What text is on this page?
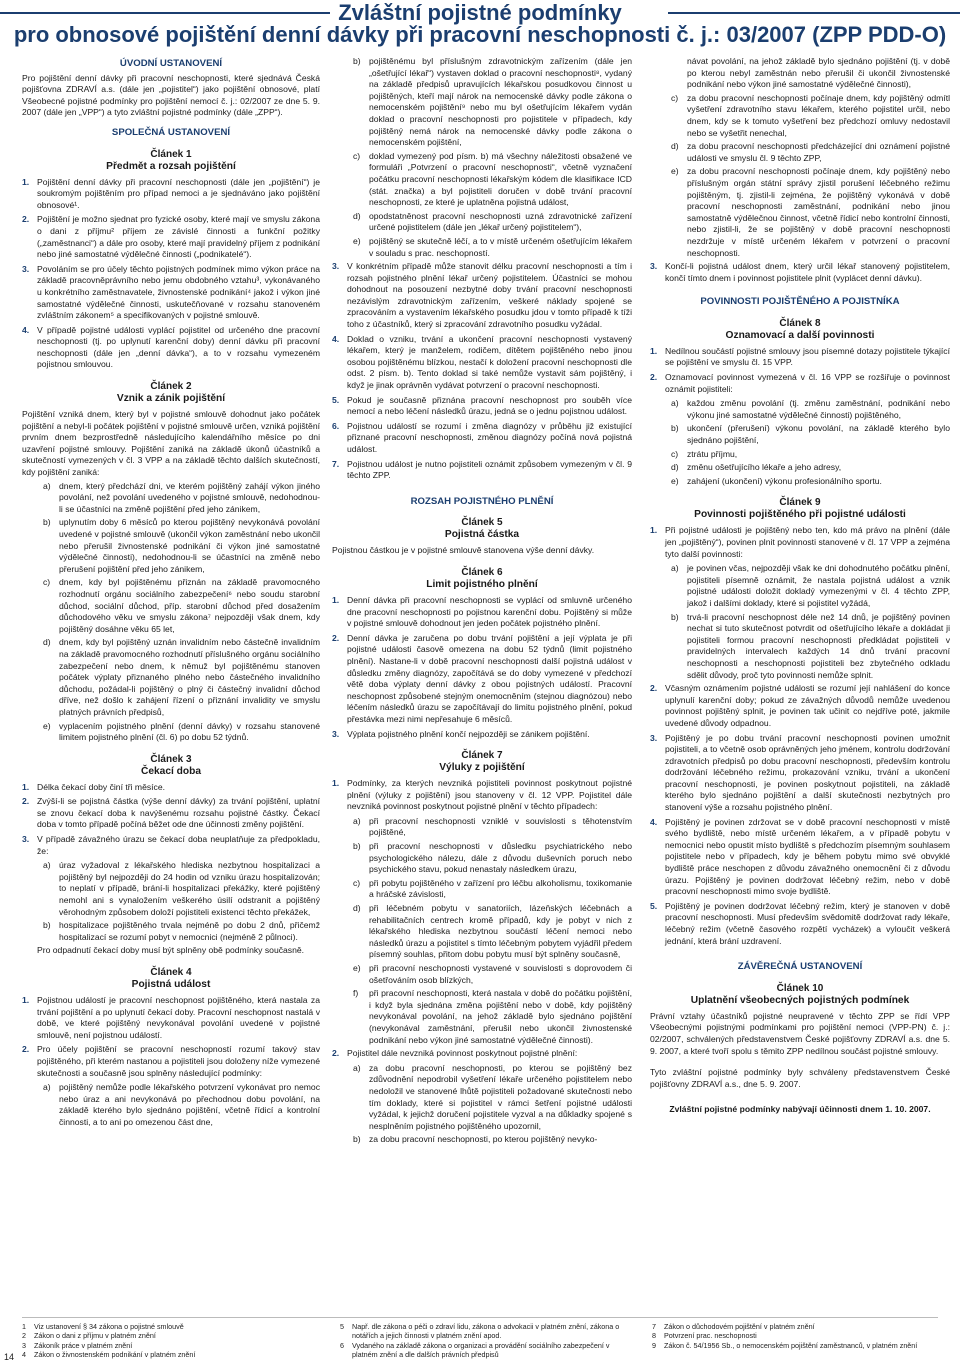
Zvláštní pojistné podmínky
pro obnosové pojištění denní dávky při pracovní neschopnosti č. j.: 03/2007 (ZPP PDD-O)
ÚVODNÍ USTANOVENÍ

Pro pojištění denní dávky při pracovní neschopnosti, které sjednává Česká pojišťovna ZDRAVÍ a.s. (dále jen „pojistitel“) jako pojištění obnosové, platí Všeobecné pojistné podmínky pro pojištění nemocí č. j.: 02/2007 ze dne 5. 9. 2007 (dále jen „VPP“) a tyto zvláštní pojistné podmínky (dále „ZPP“).

SPOLEČNÁ USTANOVENÍ
Článek 1
Předmět a rozsah pojištění
1. Pojištění denní dávky při pracovní neschopnosti (dále jen „pojištění“) je soukromým pojištěním pro případ nemoci a je sjednáváno jako pojištění obnosové¹.
2. Pojištění je možno sjednat pro fyzické osoby, které mají ve smyslu zákona o dani z příjmu² příjem ze závislé činnosti a funkční požitky („zaměstnanci“) a dále pro osoby, které mají pravidelný příjem z podnikání nebo jiné samostatné výdělečné činnosti („podnikatelé“).
3. Povoláním se pro účely těchto pojistných podmínek mimo výkon práce na základě pracovněprávního nebo jemu obdobného vztahu³, vykonávaného u konkrétního zaměstnavatele, živnostenské podnikání⁴ jakož i výkon jiné samostatné výdělečné činnosti, uskutečňované v rozsahu stanoveném zvláštním zákonem⁵ a specifikovaných v pojistné smlouvě.
4. V případě pojistné události vyplácí pojistitel od určeného dne pracovní neschopnosti (tj. po uplynutí karenční doby) denní dávku při pracovní neschopnosti (dále jen „denní dávka“), a to v rozsahu vymezeném pojistnou smlouvou.
Článek 2
Vznik a zánik pojištění

Pojištění vzniká dnem, který byl v pojistné smlouvě dohodnut jako počátek pojištění a nebyl-li počátek pojištění v pojistné smlouvě určen, vzniká pojištění prvním dnem bezprostředně následujícího kalendářního měsíce po dni uzavření pojistné smlouvy. Pojištění zaniká na základě úkonů účastníků a skutečností vymezených v čl. 3 VPP a na základě těchto dalších skutečností, kdy pojištění zaniká:

a) dnem, který předchází dni, ve kterém pojištěný zahájí výkon jiného povolání, než povolání uvedeného v pojistné smlouvě, nedohodnou-li se účastníci na změně pojištění před jeho zánikem,
b) uplynutím doby 6 měsíců po kterou pojištěný nevykonává povolání uvedené v pojistné smlouvě (ukončil výkon zaměstnání nebo ukončil nebo přerušil živnostenské podnikání či výkon jiné samostatné výdělečné činnosti), nedohodnou-li se účastníci na změně nebo přerušení pojištění před jeho zánikem,
c) dnem, kdy byl pojištěnému přiznán na základě pravomocného rozhodnutí orgánu sociálního zabezpečení⁶ nebo soudu starobní důchod, sociální důchod, příp. starobní důchod před dosažením důchodového věku ve smyslu zákona⁷ nejpozději však dnem, kdy pojištěný dosáhne věku 65 let,
d) dnem, kdy byl pojištěný uznán invalidním nebo částečně invalidním na základě pravomocného rozhodnutí příslušného orgánu sociálního zabezpečení nebo dnem, k němuž byl pojištěnému stanoven počátek výplaty přiznaného plného nebo částečného invalidního důchodu, požádal-li pojištěný o plný či částečný invalidní důchod dříve, než došlo k zahájení řízení o přiznání invalidity ve smyslu platných právních předpisů,
e) vyplacením pojistného plnění (denní dávky) v rozsahu stanovené limitem pojistného plnění (čl. 6) po dobu 52 týdnů.
Článek 3
Čekací doba
1. Délka čekací doby činí tři měsíce.
2. Zvýší-li se pojistná částka (výše denní dávky) za trvání pojištění, uplatní se znovu čekací doba k navýšenému rozsahu pojistné částky. Čekací doba v tomto případě počíná běžet ode dne účinnosti změny pojištění.
3. V případě závažného úrazu se čekací doba neuplatňuje za předpokladu, že:
a) úraz vyžadoval z lékařského hlediska nezbytnou hospitalizaci a pojištěný byl nejpozději do 24 hodin od vzniku úrazu hospitalizován; to neplatí v případě, brání-li hospitalizaci překážky, které pojištěný nemohl ani s vynaložením veškerého úsilí odstranit a pojištěný věrohodným způsobem doloží pojistiteli existenci těchto překážek,
b) hospitalizace pojištěného trvala nejméně po dobu 2 dnů, přičemž hospitalizací se rozumí pobyt v nemocnici (nejméně 2 půlnoci).

Pro odpadnutí čekací doby musí být splněny obě podmínky současně.

Článek 4
Pojistná událost
1. Pojistnou událostí je pracovní neschopnost pojištěného, která nastala za trvání pojištění a po uplynutí čekací doby. Pracovní neschopnost nastalá v době, ve které pojištěný nevykonával povolání uvedené v pojistné smlouvě, není pojistnou událostí.
2. Pro účely pojištění se pracovní neschopností rozumí takový stav pojištěného, při kterém nastanou a pojistiteli jsou doloženy níže vymezené skutečnosti a současně jsou splněny následující podmínky:
a) pojištěný nemůže podle lékařského potvrzení vykonávat pro nemoc nebo úraz a ani nevykonává po přechodnou dobu povolání, na základě kterého bylo sjednáno pojištění, včetně řídicí a kontrolní činnosti, a to ani po omezenou část dne,
b) pojištěnému byl příslušným zdravotnickým zařízením (dále jen „ošetřující lékař“) vystaven doklad o pracovní neschopnosti⁸, vydaný na základě předpisů upravujících lékařskou posudkovou činnost u pojištěných, kteří mají nárok na nemocenské dávky podle zákona o nemocenském pojištění⁹ nebo mu byl ošetřujícím lékařem vydán doklad o pracovní neschopnosti pro pojistitele v případech, kdy pojištěný nemá nárok na nemocenské dávky podle zákona o nemocenském pojištění,
c) doklad vymezený pod písm. b) má všechny náležitosti obsažené ve formuláři „Potvrzení o pracovní neschopnosti“, včetně vyznačení počátku pracovní neschopnosti lékařským kódem dle klasifikace ICD (stát. značka) a byl pojistiteli doručen v době trvání pracovní neschopnosti, ze které je uplatněna pojistná událost,
d) opodstatněnost pracovní neschopnosti uzná zdravotnické zařízení určené pojistitelem (dále jen „lékař určený pojistitelem“),
e) pojištěný se skutečně léčí, a to v místě určeném ošetřujícím lékařem v souladu s prac. neschopností.
3. V konkrétním případě může stanovit délku pracovní neschopnosti a tím i rozsah pojistného plnění lékař určený pojistitelem. Účastníci se mohou dohodnout na posouzení nezbytné doby trvání pracovní neschopnosti nezávislým zdravotnickým zařízením, veškeré náklady spojené se zpracováním a vystavením lékařského posudku jdou v tomto případě k tíži toho z účastníků, který si zpracování zdravotního posudku vyžádal.
4. Doklad o vzniku, trvání a ukončení pracovní neschopnosti vystavený lékařem, který je manželem, rodičem, dítětem pojištěného nebo jinou osobou pojištěnému blízkou, nestačí k doložení pracovní neschopnosti dle odst. 2 písm. b). Tento doklad si také nemůže vystavit sám pojištěný, i když je jinak oprávněn vydávat potvrzení o pracovní neschopnosti.
5. Pokud je současně přiznána pracovní neschopnost pro souběh více nemocí a nebo léčení následků úrazu, jedná se o jednu pojistnou událost.
6. Pojistnou událostí se rozumí i změna diagnózy v průběhu již existující přiznané pracovní neschopnosti, změnou diagnózy počíná nová pojistná událost.
7. Pojistnou událost je nutno pojistiteli oznámit způsobem vymezeným v čl. 9 těchto ZPP.
ROZSAH POJISTNÉHO PLNĚNÍ
Článek 5
Pojistná částka

Pojistnou částkou je v pojistné smlouvě stanovena výše denní dávky.

Článek 6
Limit pojistného plnění
1. Denní dávka při pracovní neschopnosti se vyplácí od smluvně určeného dne pracovní neschopnosti po pojistnou karenční dobu. Pojištěný si může v pojistné smlouvě dohodnout jen jeden počátek pojistného plnění.
2. Denní dávka je zaručena po dobu trvání pojištění a její výplata je při pojistné události časově omezena na dobu 52 týdnů (limit pojistného plnění). Nastane-li v době pracovní neschopnosti další pojistná událost v důsledku změny diagnózy, započítává se do doby vymezené v předchozí větě doba výplaty denní dávky z obou pojistných událostí. Pracovní neschopnost způsobené stejným onemocněním (stejnou diagnózou) nebo léčením následků úrazu se započítávají do limitu pojistného plnění, pokud přestávka mezi nimi nepřesahuje 6 měsíců.
3. Výplata pojistného plnění končí nejpozději se zánikem pojištění.
Článek 7
Výluky z pojištění
1. Podmínky, za kterých nevzniká pojistiteli povinnost poskytnout pojistné plnění (výluky z pojištění) jsou stanoveny v čl. 12 VPP. Pojistitel dále nevzniká povinnost poskytnout pojistné plnění v těchto případech:
a) při pracovní neschopnosti vzniklé v souvislosti s těhotenstvím pojištěné,
b) při pracovní neschopnosti v důsledku psychiatrického nebo psychologického nálezu, dále z důvodu duševních poruch nebo psychického stavu, pokud nenastaly následkem úrazu,
c) při pobytu pojištěného v zařízení pro léčbu alkoholismu, toxikomanie a hráčské závislosti,
d) při léčebném pobytu v sanatoriích, lázeňských léčebnách a rehabilitačních centrech kromě případů, kdy je pobyt v nich z lékařského hlediska nezbytnou součástí léčení nemoci nebo následků úrazu a pojistitel s tímto léčebným pobytem vyjádřil předem písemný souhlas, přitom dobu pobytu musí být splněny současně,
e) při pracovní neschopnosti vystavené v souvislosti s doprovodem či ošetřováním osob blízkých,
f) při pracovní neschopnosti, která nastala v době do počátku pojištění, i když byla sjednána změna pojištění nebo v době, kdy pojištěný nevykonával povolání, na jehož základě bylo sjednáno pojištění (nevykonával zaměstnání, přerušil nebo ukončil živnostenské podnikání nebo výkon jiné samostatné výdělečné činnosti).
2. Pojistitel dále nevzniká povinnost poskytnout pojistné plnění:
a) za dobu pracovní neschopnosti, po kterou se pojištěný bez zdůvodnění nepodrobil vyšetření lékaře určeného pojistitelem nebo nedoložil ve stanovené lhůtě pojistiteli požadované skutečnosti nebo tím doklady, které si pojistitel v rámci šetření pojistné události vyžádal, k jejichž doručení pojistitele vyzval a na důkladky spojené s nesplněním pojistného pojištěného upozornil,
b) za dobu pracovní neschopnosti, po kterou pojištěný nevyko-
návat povolání, na jehož základě bylo sjednáno pojištění (tj. v době po kterou nebyl zaměstnán nebo přerušil či ukončil živnostenské podnikání nebo výkon jiné samostatné výdělečné činnosti),
c) za dobu pracovní neschopnosti počínaje dnem, kdy pojištěný odmítl vyšetření zdravotního stavu lékařem, kterého pojistitel určil, nebo dnem, kdy se k tomuto vyšetření bez předchozí omluvy nedostavil nebo se vyšetřit nenechal,
d) za dobu pracovní neschopnosti předcházející dni oznámení pojistné události ve smyslu čl. 9 těchto ZPP,
e) za dobu pracovní neschopnosti počínaje dnem, kdy pojištěný nebo příslušným orgán státní správy zjistil porušení léčebného režimu pojištěným, tj. zjistil-li zejména, že pojištěný vykonává v době pracovní neschopnosti zaměstnání, podnikání nebo jinou samostatně výdělečnou činnost, včetně řídicí nebo kontrolní činnosti, nebo zjistil-li, že se pojištěný v době pracovní neschopnosti nezdržuje v místě určeném lékařem v potvrzení o pracovní neschopnosti.
3. Končí-li pojistná událost dnem, který určil lékař stanovený pojistitelem, končí tímto dnem i povinnost pojistitele plnit (vyplácet denní dávku).
POVINNOSTI POJIŠTĚNÉHO A POJISTNÍKA
Článek 8
Oznamovací a další povinnosti
1. Nedílnou součástí pojistné smlouvy jsou písemné dotazy pojistitele týkající se pojištění ve smyslu čl. 15 VPP.
2. Oznamovací povinnost vymezená v čl. 16 VPP se rozšiřuje o povinnost oznámit pojistiteli:
a) každou změnu povolání (tj. změnu zaměstnání, podnikání nebo výkonu jiné samostatné výdělečné činnosti) pojištěného,
b) ukončení (přerušení) výkonu povolání, na základě kterého bylo sjednáno pojištění,
c) ztrátu příjmu,
d) změnu ošetřujícího lékaře a jeho adresy,
e) zahájení (ukončení) výkonu profesionálního sportu.
Článek 9
Povinnosti pojištěného při pojistné události
1. Při pojistné události je pojištěný nebo ten, kdo má právo na plnění (dále jen „pojištěný“), povinen plnit povinnosti stanovené v čl. 17 VPP a zejména tyto další povinnosti:
a) je povinen včas, nejpozději však ke dni dohodnutého počátku plnění, pojistiteli písemně oznámit, že nastala pojistná událost a vznik pojistné události doložit dokladý vymezenými v čl. 4 těchto ZPP, jakož i dalšími doklady, které si pojistitel vyžádá,
b) trvá-li pracovní neschopnost déle než 14 dnů, je pojištěný povinen nechat si tuto skutečnost potvrdit od ošetřujícího lékaře a dokládat ji pojistiteli formou pracovní neschopnosti předkládat pojistiteli v pravidelných intervalech každých 14 dnů trvání pracovní neschopnosti a neschopnosti pojistiteli bez zbytečného odkladu sdělit důvody, proč tyto povinnosti nemůže splnit.
2. Včasným oznámením pojistné události se rozumí její nahlášení do konce uplynulí karenční doby; pokud ze závažných důvodů nemůže uvedenou povinnost pojištěný splnit, je povinen tak učinit co nejdříve poté, jakmile uvedené důvody odpadnou.
3. Pojištěný je po dobu trvání pracovní neschopnosti povinen umožnit pojistiteli, a to včetně osob oprávněných jeho jménem, kontrolu dodržování zdravotních předpisů po dobu pracovní neschopnosti, především kontrolu dodržování léčebného režimu, prokazování vzniku, trvání a ukončení pracovní neschopnosti, je povinen poskytnout pojistiteli, na základě kterého bylo sjednáno pojištění a další skutečnosti nezbytných pro stanovení výše a rozsahu pojistného plnění.
4. Pojištěný je povinen zdržovat se v době pracovní neschopnosti v místě svého bydliště, nebo místě určeném lékařem, a v případě pobytu v nemocnici nebo opustit místo bydliště s předchozím písemným souhlasem pojistitele nebo v případech, kdy je během pobytu mimo své obvyklé bydliště práce neschopen z důvodu závažného onemocnění či z důvodu úrazu. Pojištěný je povinen dodržovat léčebný režim, nebo v době pracovní neschopnosti mimo svoje bydliště.
5. Pojištěný je povinen dodržovat léčebný režim, který je stanoven v době pracovní neschopnosti. Musí především svědomitě dodržovat rady lékaře, léčebný režim (včetně časového rozpětí vycházek) a vyloučit veškerá jednání, která brání uzdravení.
ZÁVĚREČNÁ USTANOVENÍ
Článek 10
Uplatnění všeobecných pojistných podmínek

Právní vztahy účastníků pojistné neupravené v těchto ZPP se řídí VPP Všeobecnými pojistnými podmínkami pro pojištění nemoci (VPP-PN) č. j.: 02/2007, schválených představenstvem České pojišťovny ZDRAVÍ a.s. dne 5. 9. 2007, a které tvoří spolu s těmito ZPP nedílnou součást pojistné smlouvy.

Tyto zvláštní pojistné podmínky byly schváleny představenstvem České pojišťovny ZDRAVÍ a.s., dne 5. 9. 2007.

Zvláštní pojistné podmínky nabývají účinnosti dnem 1. 10. 2007.

1	Viz ustanovení § 34 zákona o pojistné smlouvě
2	Zákon o dani z příjmu v platném znění
3	Zákoník práce v platném znění
4	Zákon o živnostenském podnikání v platném znění
5	Např. dle zákona o péči o zdraví lidu, zákona o advokacii v platném znění, zákona o notářích a jejich činnosti v platném znění apod.
6	Vydaného na základě zákona o organizaci a provádění sociálního zabezpečení v platném znění a dle dalších právních předpisů
7	Zákon o důchodovém pojištění v platném znění
8	Potvrzení prac. neschopnosti
9	Zákon č. 54/1956 Sb., o nemocenském pojištění zaměstnanců, v platném znění
14
